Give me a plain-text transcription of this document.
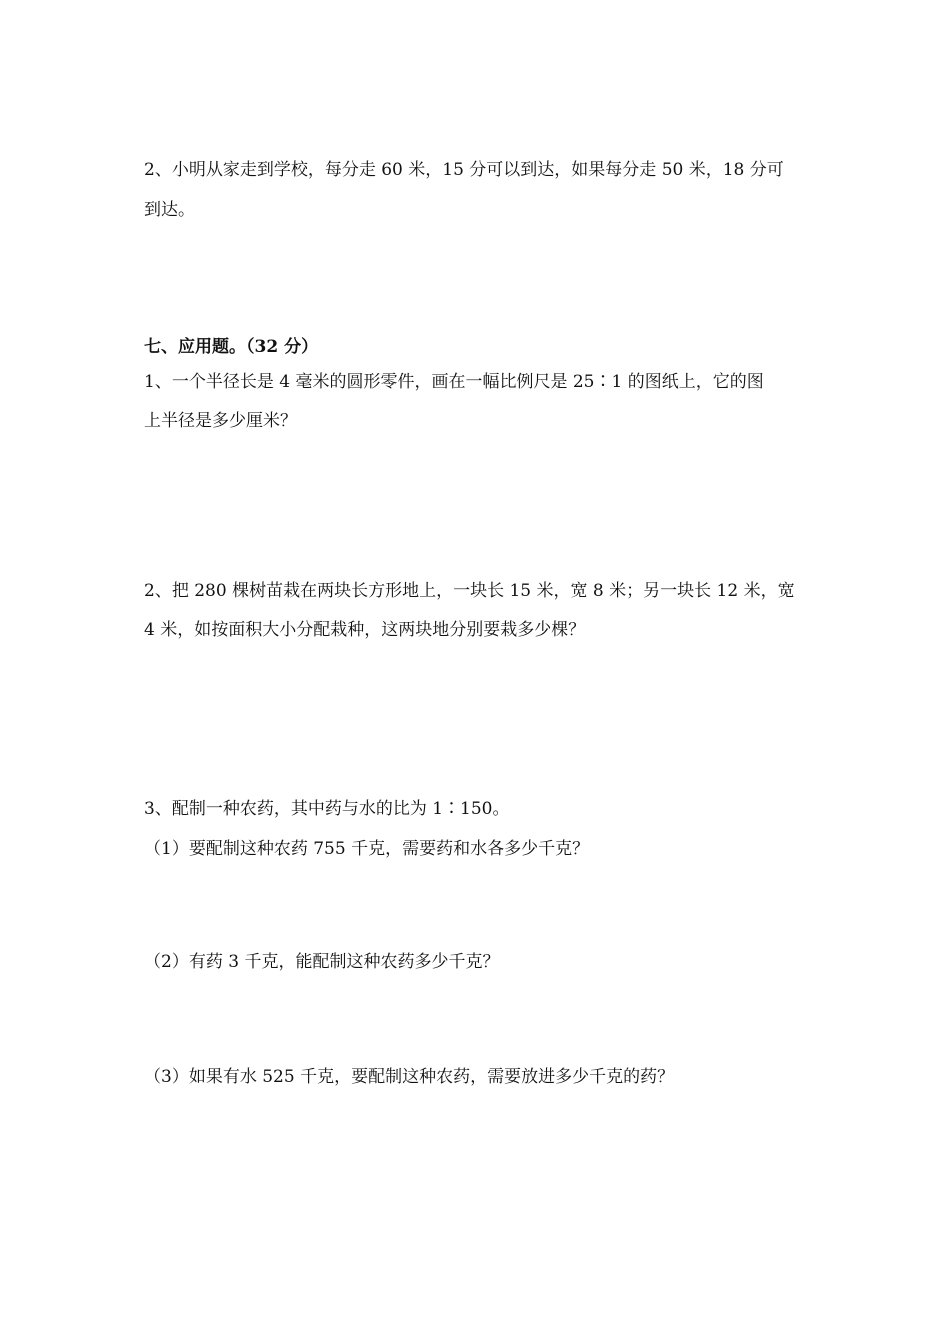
2、小明从家走到学校，每分走 60 米，15 分可以到达，如果每分走 50 米，18 分可
到达。
七、应用题。（32 分）
1、一个半径长是 4 毫米的圆形零件，画在一幅比例尺是 25∶1 的图纸上，它的图
上半径是多少厘米？
2、把 280 棵树苗栽在两块长方形地上，一块长 15 米，宽 8 米；另一块长 12 米，宽
4 米，如按面积大小分配栽种，这两块地分别要栽多少棵？
3、配制一种农药，其中药与水的比为 1∶150。
（1）要配制这种农药 755 千克，需要药和水各多少千克？
（2）有药 3 千克，能配制这种农药多少千克？
（3）如果有水 525 千克，要配制这种农药，需要放进多少千克的药？
